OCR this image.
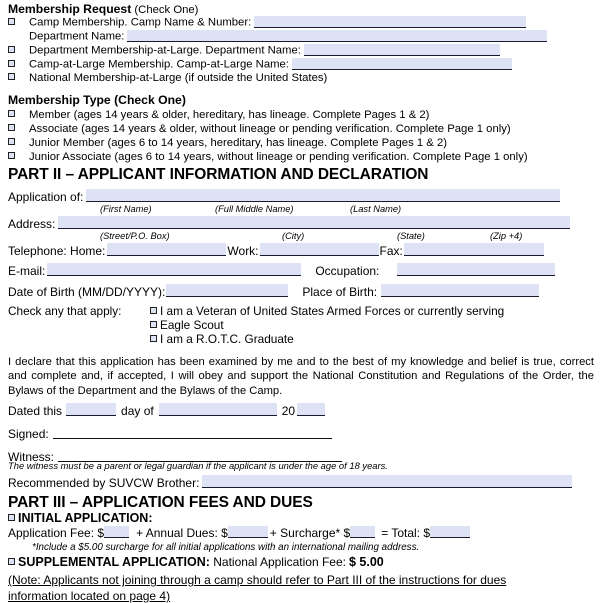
Membership Request (Check One)
Camp Membership. Camp Name & Number:
Department Name:
Department Membership-at-Large. Department Name:
Camp-at-Large Membership. Camp-at-Large Name:
National Membership-at-Large (if outside the United States)
Membership Type (Check One)
Member (ages 14 years & older, hereditary, has lineage. Complete Pages 1 & 2)
Associate (ages 14 years & older, without lineage or pending verification. Complete Page 1 only)
Junior Member (ages 6 to 14 years, hereditary, has lineage. Complete Pages 1 & 2)
Junior Associate (ages 6 to 14 years, without lineage or pending verification. Complete Page 1 only)
PART II – APPLICANT INFORMATION AND DECLARATION
Application of:
(First Name)	(Full Middle Name)	(Last Name)
Address:
(Street/P.O. Box)	(City)	(State)	(Zip +4)
Telephone: Home:	Work:	Fax:
E-mail:	Occupation:
Date of Birth (MM/DD/YYYY):	Place of Birth:
Check any that apply:	I am a Veteran of United States Armed Forces or currently serving
Eagle Scout
I am a R.O.T.C. Graduate
I declare that this application has been examined by me and to the best of my knowledge and belief is true, correct and complete and, if accepted, I will obey and support the National Constitution and Regulations of the Order, the Bylaws of the Department and the Bylaws of the Camp.
Dated this	day of	20
Signed:
Witness:
The witness must be a parent or legal guardian if the applicant is under the age of 18 years.
Recommended by SUVCW Brother:
PART III – APPLICATION FEES AND DUES
INITIAL APPLICATION:
Application Fee: $	+ Annual Dues: $	+ Surcharge* $	= Total: $
*Include a $5.00 surcharge for all initial applications with an international mailing address.
SUPPLEMENTAL APPLICATION: National Application Fee: $ 5.00
(Note: Applicants not joining through a camp should refer to Part III of the instructions for dues
information located on page 4)
